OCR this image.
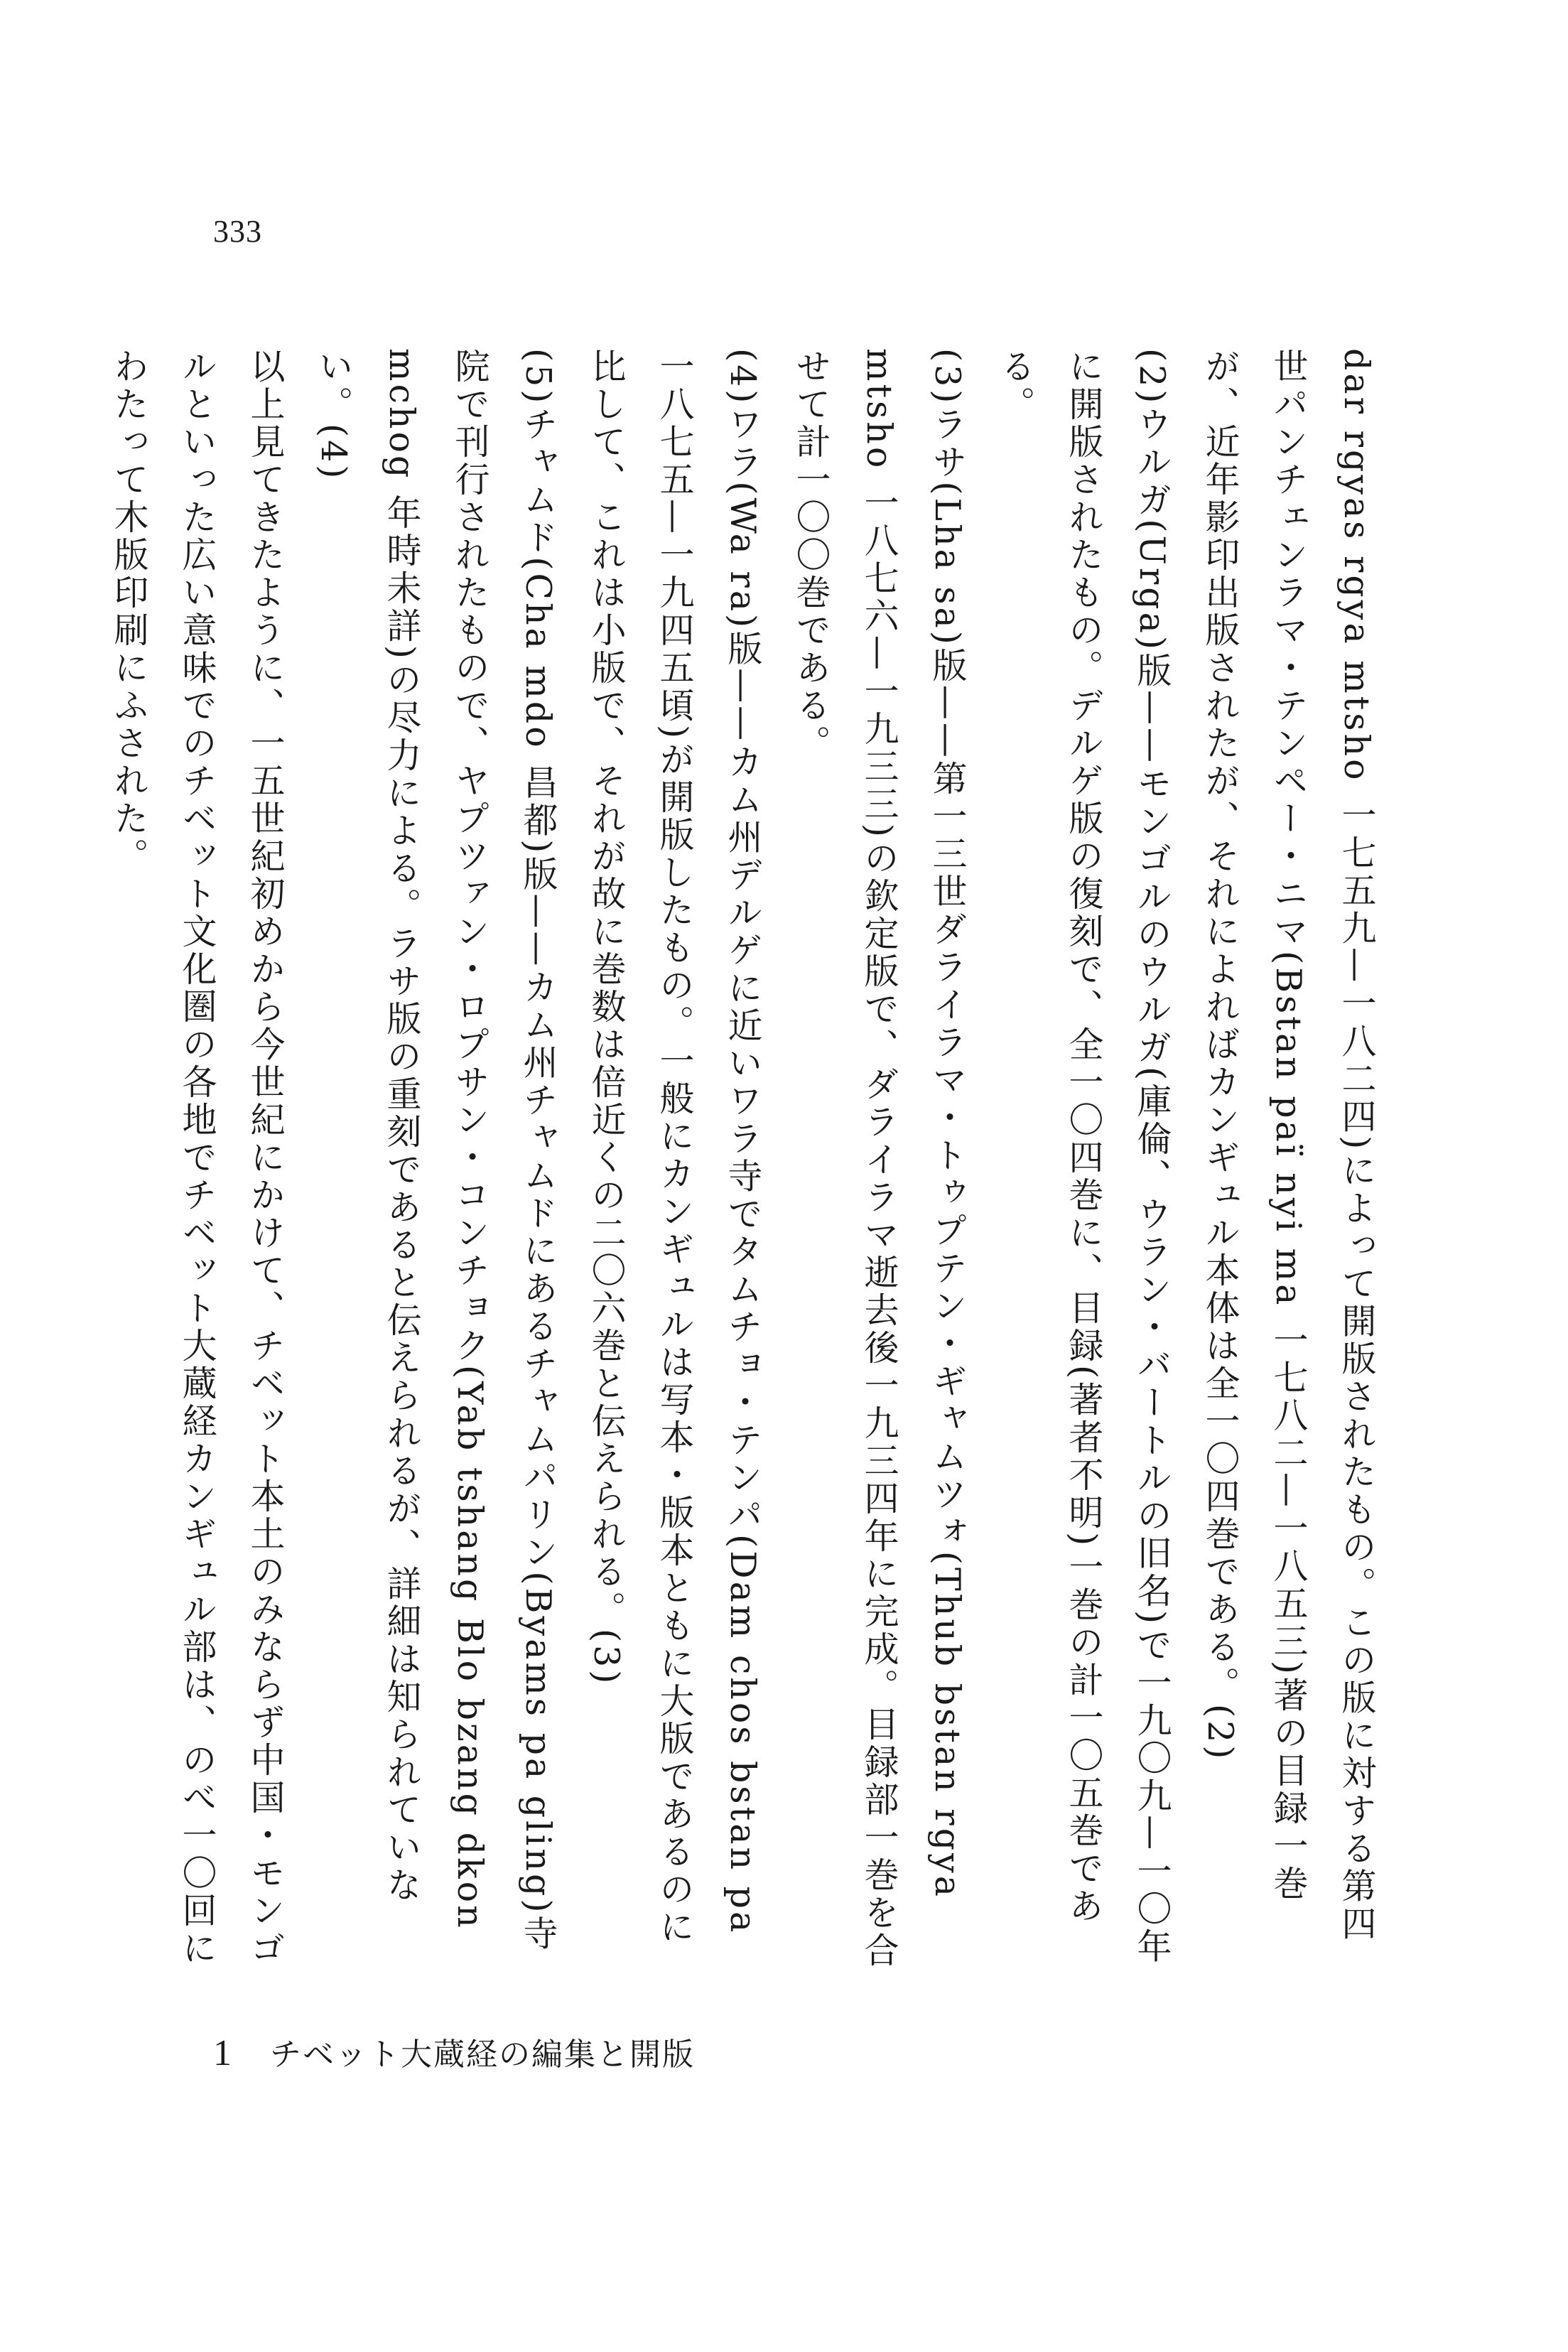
333

dar rgyas rgya mtsho 一七五九—一八二四)によって開版されたもの。この版に対する第四世パンチェンラマ・テンペー・ニマ(Bstan paï nyi ma 一七八二—一八五三)著の目録一巻が、近年影印出版されたが、それによればカンギュル本体は全一〇四巻である。(2)

(2)ウルガ(Urga)版——モンゴルのウルガ(庫倫、ウラン・バートルの旧名)で一九〇九—一〇年に開版されたもの。デルゲ版の復刻で、全一〇四巻に、目録(著者不明)一巻の計一〇五巻である。

(3)ラサ(Lha sa)版——第一三世ダライラマ・トゥプテン・ギャムツォ(Thub bstan rgya mtsho 一八七六—一九三三)の欽定版で、ダライラマ逝去後一九三四年に完成。目録部一巻を合せて計一〇〇巻である。

(4)ワラ(Wa ra)版——カム州デルゲに近いワラ寺でタムチョ・テンパ(Dam chos bstan pa 一八七五—一九四五頃)が開版したもの。一般にカンギュルは写本・版本ともに大版であるのに比して、これは小版で、それが故に巻数は倍近くの二〇六巻と伝えられる。(3)

(5)チャムド(Cha mdo 昌都)版——カム州チャムドにあるチャムパリン(Byams pa gling)寺院で刊行されたもので、ヤプツァン・ロプサン・コンチョク(Yab tshang Blo bzang dkon mchog 年時未詳)の尽力による。ラサ版の重刻であると伝えられるが、詳細は知られていない。(4)

以上見てきたように、一五世紀初めから今世紀にかけて、チベット本土のみならず中国・モンゴルといった広い意味でのチベット文化圏の各地でチベット大蔵経カンギュル部は、のべ一〇回にわたって木版印刷にふされた。

1 チベット大蔵経の編集と開版
